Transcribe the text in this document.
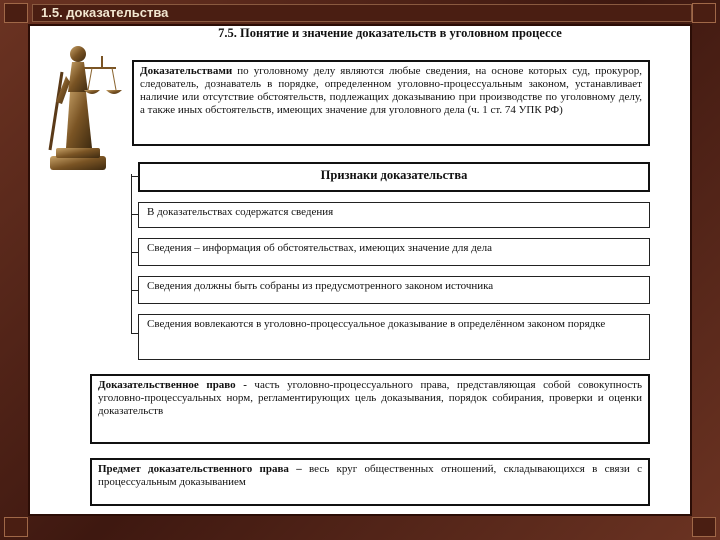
1.5. доказательства
7.5. Понятие и значение доказательств в уголовном процессе
Доказательствами по уголовному делу являются любые сведения, на основе которых суд, прокурор, следователь, дознаватель в порядке, определенном уголовно-процессуальным законом, устанавливает наличие или отсутствие обстоятельств, подлежащих доказыванию при производстве по уголовному делу, а также иных обстоятельств, имеющих значение для уголовного дела (ч. 1 ст. 74 УПК РФ)
Признаки доказательства
В доказательствах содержатся сведения
Сведения – информация об обстоятельствах, имеющих значение для дела
Сведения должны быть собраны из предусмотренного законом источника
Сведения вовлекаются в уголовно-процессуальное доказывание в определённом законом порядке
Доказательственное право - часть уголовно-процессуального права, представляющая собой совокупность уголовно-процессуальных норм, регламентирующих цель доказывания, порядок собирания, проверки и оценки доказательств
Предмет доказательственного права – весь круг общественных отношений, складывающихся в связи с процессуальным доказыванием
